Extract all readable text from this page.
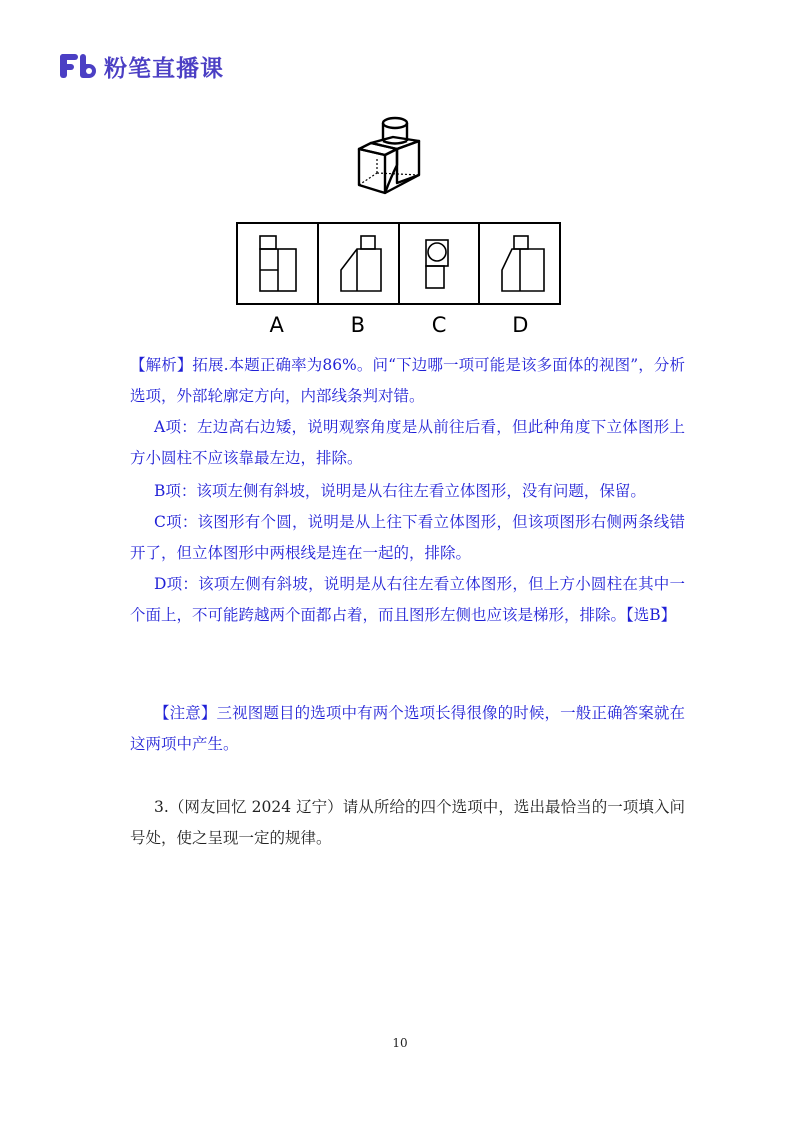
粉笔直播课
A	B	C	D
【解析】拓展.本题正确率为86%。问“下边哪一项可能是该多面体的视图”，分析选项，外部轮廓定方向，内部线条判对错。
A项：左边高右边矮，说明观察角度是从前往后看，但此种角度下立体图形上方小圆柱不应该靠最左边，排除。
B项：该项左侧有斜坡，说明是从右往左看立体图形，没有问题，保留。
C项：该图形有个圆，说明是从上往下看立体图形，但该项图形右侧两条线错开了，但立体图形中两根线是连在一起的，排除。
D项：该项左侧有斜坡，说明是从右往左看立体图形，但上方小圆柱在其中一个面上，不可能跨越两个面都占着，而且图形左侧也应该是梯形，排除。【选B】
【注意】三视图题目的选项中有两个选项长得很像的时候，一般正确答案就在这两项中产生。
3.（网友回忆 2024 辽宁）请从所给的四个选项中，选出最恰当的一项填入问号处，使之呈现一定的规律。
10
